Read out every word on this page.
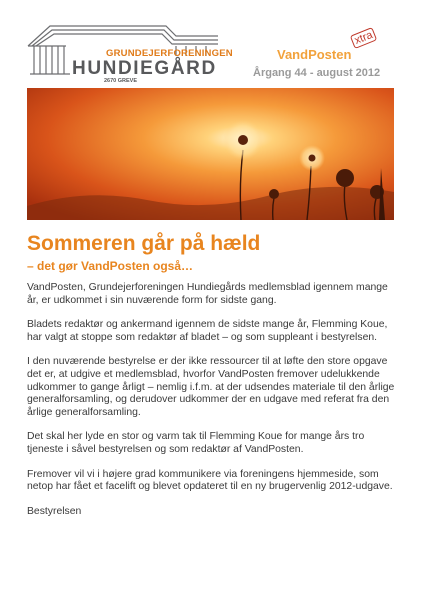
GRUNDEJERFORENINGEN
HUNDIEGÅRD
2670 GREVE
VandPosten
xtra
Årgang 44 - august 2012
Sommeren går på hæld
– det gør VandPosten også…

VandPosten, Grundejerforeningen Hundiegårds medlemsblad igennem mange år, er udkommet i sin nuværende form for sidste gang.

Bladets redaktør og ankermand igennem de sidste mange år, Flemming Koue, har valgt at stoppe som redaktør af bladet – og som suppleant i bestyrelsen.

I den nuværende bestyrelse er der ikke ressourcer til at løfte den store opgave det er, at udgive et medlemsblad, hvorfor VandPosten fremover udelukkende udkommer to gange årligt – nemlig i.f.m. at der udsendes materiale til den årlige generalforsamling, og derudover udkommer der en udgave med referat fra den årlige generalforsamling.

Det skal her lyde en stor og varm tak til Flemming Koue for mange års tro tjeneste i såvel bestyrelsen og som redaktør af VandPosten.

Fremover vil vi i højere grad kommunikere via foreningens hjemmeside, som netop har fået et facelift og blevet opdateret til en ny brugervenlig 2012-udgave.

Bestyrelsen
